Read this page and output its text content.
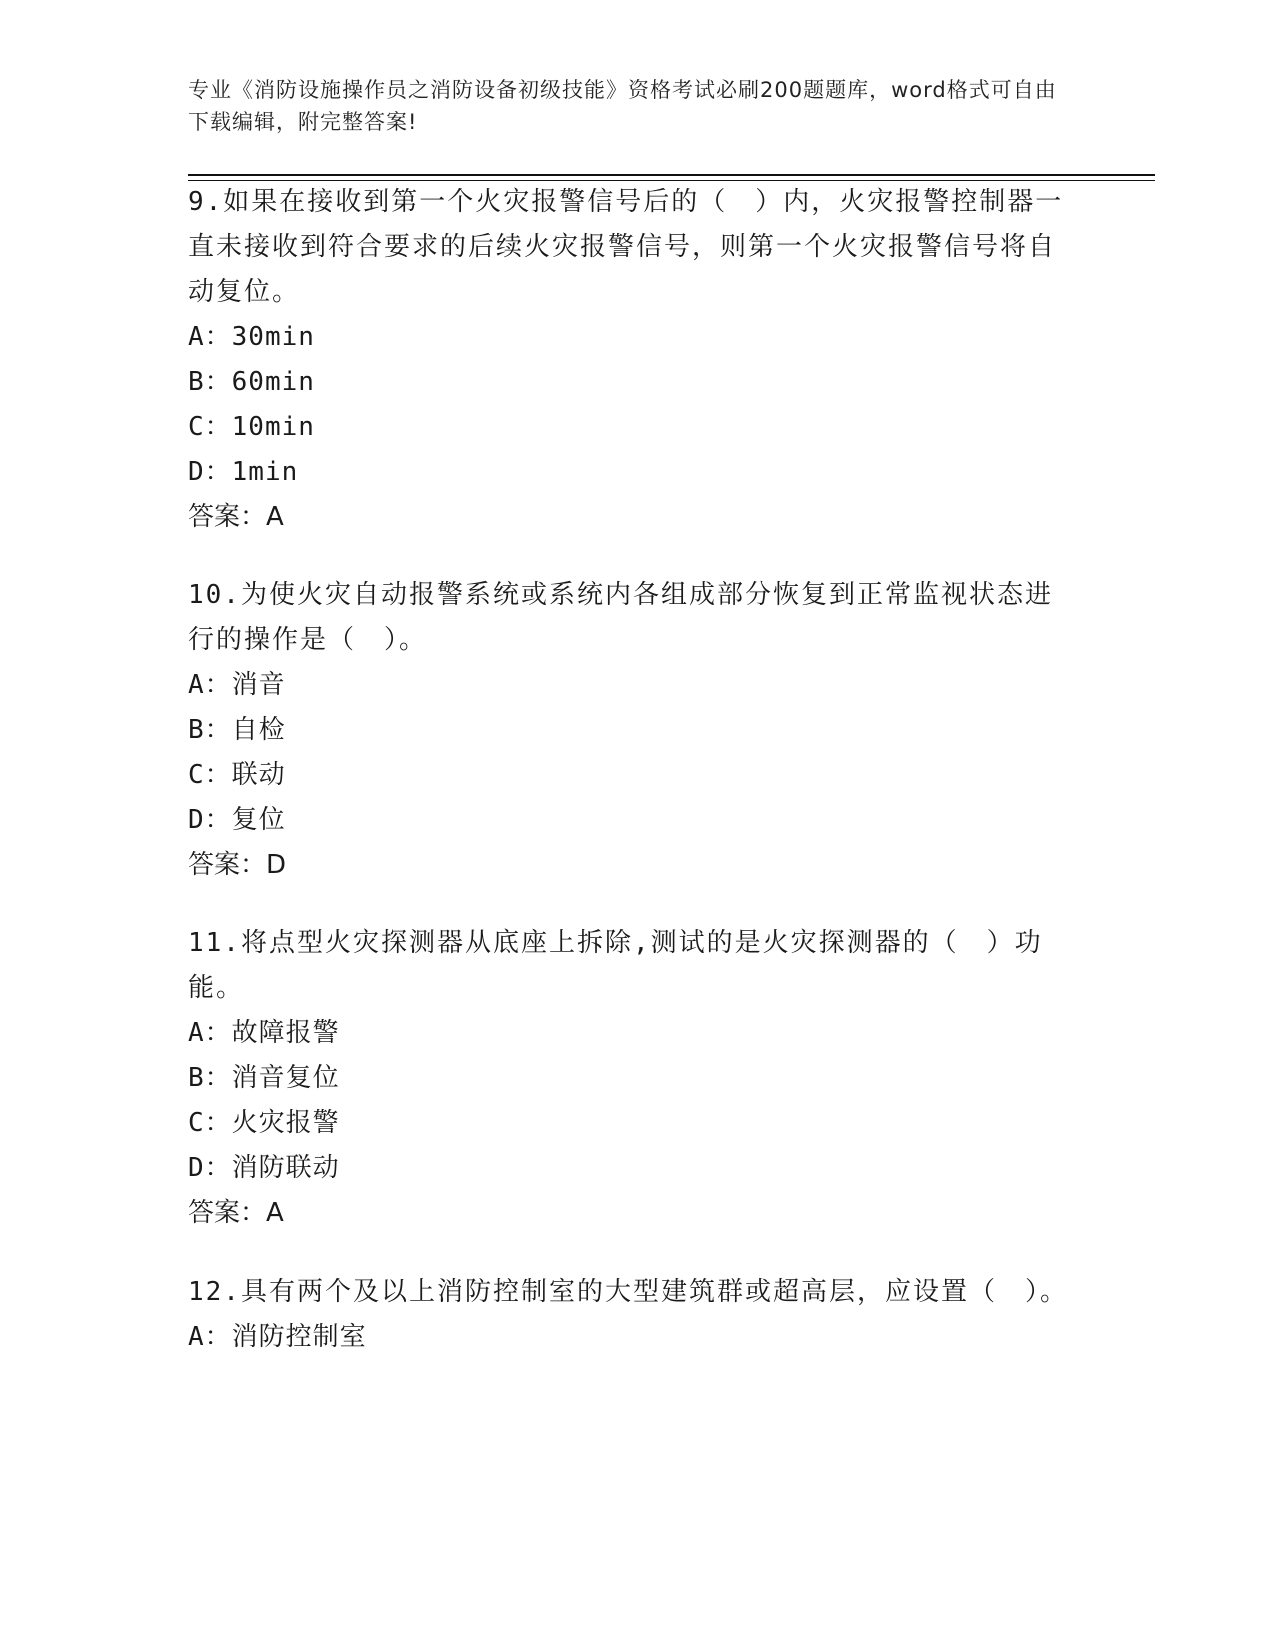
专业《消防设施操作员之消防设备初级技能》资格考试必刷200题题库，word格式可自由下载编辑，附完整答案!

9.如果在接收到第一个火灾报警信号后的（　）内，火灾报警控制器一直未接收到符合要求的后续火灾报警信号，则第一个火灾报警信号将自动复位。

A：30min

B：60min

C：10min

D：1min

答案：A

10.为使火灾自动报警系统或系统内各组成部分恢复到正常监视状态进行的操作是（　）。

A：消音

B：自检

C：联动

D：复位

答案：D

11.将点型火灾探测器从底座上拆除,测试的是火灾探测器的（　）功能。

A：故障报警

B：消音复位

C：火灾报警

D：消防联动

答案：A

12.具有两个及以上消防控制室的大型建筑群或超高层，应设置（　）。

A：消防控制室
